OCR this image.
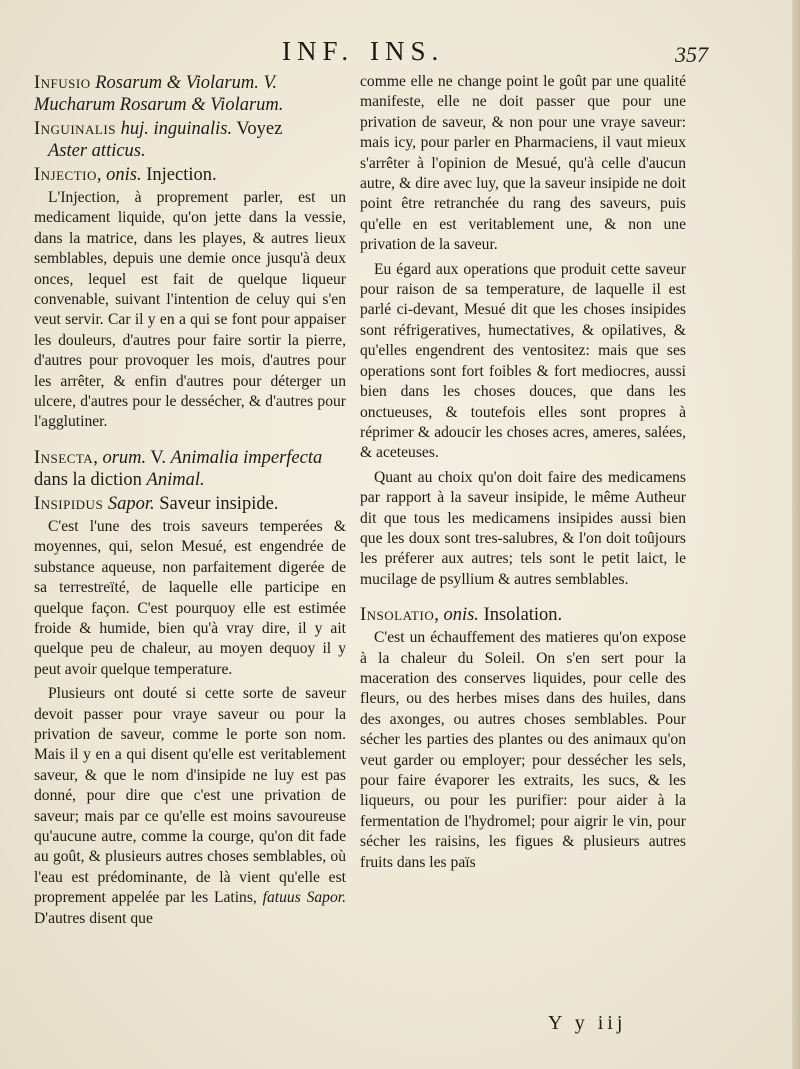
INF. INS.	357
Infusio Rosarum & Violarum. V. Mucharum Rosarum & Violarum.
Inguinalis huj. inguinalis. Voyez
Aster atticus.
Injectio, onis. Injection.

L'Injection, à proprement parler, est un medicament liquide, qu'on jette dans la vessie, dans la matrice, dans les playes, & autres lieux semblables, depuis une demie once jusqu'à deux onces, lequel est fait de quelque liqueur convenable, suivant l'intention de celuy qui s'en veut servir. Car il y en a qui se font pour appaiser les douleurs, d'autres pour faire sortir la pierre, d'autres pour provoquer les mois, d'autres pour les arrêter, & enfin d'autres pour déterger un ulcere, d'autres pour le dessécher, & d'autres pour l'agglutiner.

Insecta, orum. V. Animalia imperfecta dans la diction Animal.
Insipidus Sapor. Saveur insipide.

C'est l'une des trois saveurs temperées & moyennes, qui, selon Mesué, est engendrée de substance aqueuse, non parfaitement digerée de sa terrestreïté, de laquelle elle participe en quelque façon. C'est pourquoy elle est estimée froide & humide, bien qu'à vray dire, il y ait quelque peu de chaleur, au moyen dequoy il y peut avoir quelque temperature.

Plusieurs ont douté si cette sorte de saveur devoit passer pour vraye saveur ou pour la privation de saveur, comme le porte son nom. Mais il y en a qui disent qu'elle est veritablement saveur, & que le nom d'insipide ne luy est pas donné, pour dire que c'est une privation de saveur; mais par ce qu'elle est moins savoureuse qu'aucune autre, comme la courge, qu'on dit fade au goût, & plusieurs autres choses semblables, où l'eau est prédominante, de là vient qu'elle est proprement appelée par les Latins, fatuus Sapor. D'autres disent que

comme elle ne change point le goût par une qualité manifeste, elle ne doit passer que pour une privation de saveur, & non pour une vraye saveur: mais icy, pour parler en Pharmaciens, il vaut mieux s'arrêter à l'opinion de Mesué, qu'à celle d'aucun autre, & dire avec luy, que la saveur insipide ne doit point être retranchée du rang des saveurs, puis qu'elle en est veritablement une, & non une privation de la saveur.

Eu égard aux operations que produit cette saveur pour raison de sa temperature, de laquelle il est parlé ci-devant, Mesué dit que les choses insipides sont réfrigeratives, humectatives, & opilatives, & qu'elles engendrent des ventositez: mais que ses operations sont fort foibles & fort mediocres, aussi bien dans les choses douces, que dans les onctueuses, & toutefois elles sont propres à réprimer & adoucir les choses acres, ameres, salées, & aceteuses.

Quant au choix qu'on doit faire des medicamens par rapport à la saveur insipide, le même Autheur dit que tous les medicamens insipides aussi bien que les doux sont tres-salubres, & l'on doit toûjours les préferer aux autres; tels sont le petit laict, le mucilage de psyllium & autres semblables.

Insolatio, onis. Insolation.

C'est un échauffement des matieres qu'on expose à la chaleur du Soleil. On s'en sert pour la maceration des conserves liquides, pour celle des fleurs, ou des herbes mises dans des huiles, dans des axonges, ou autres choses semblables. Pour sécher les parties des plantes ou des animaux qu'on veut garder ou employer; pour dessécher les sels, pour faire évaporer les extraits, les sucs, & les liqueurs, ou pour les purifier: pour aider à la fermentation de l'hydromel; pour aigrir le vin, pour sécher les raisins, les figues & plusieurs autres fruits dans les païs

Y y iij
